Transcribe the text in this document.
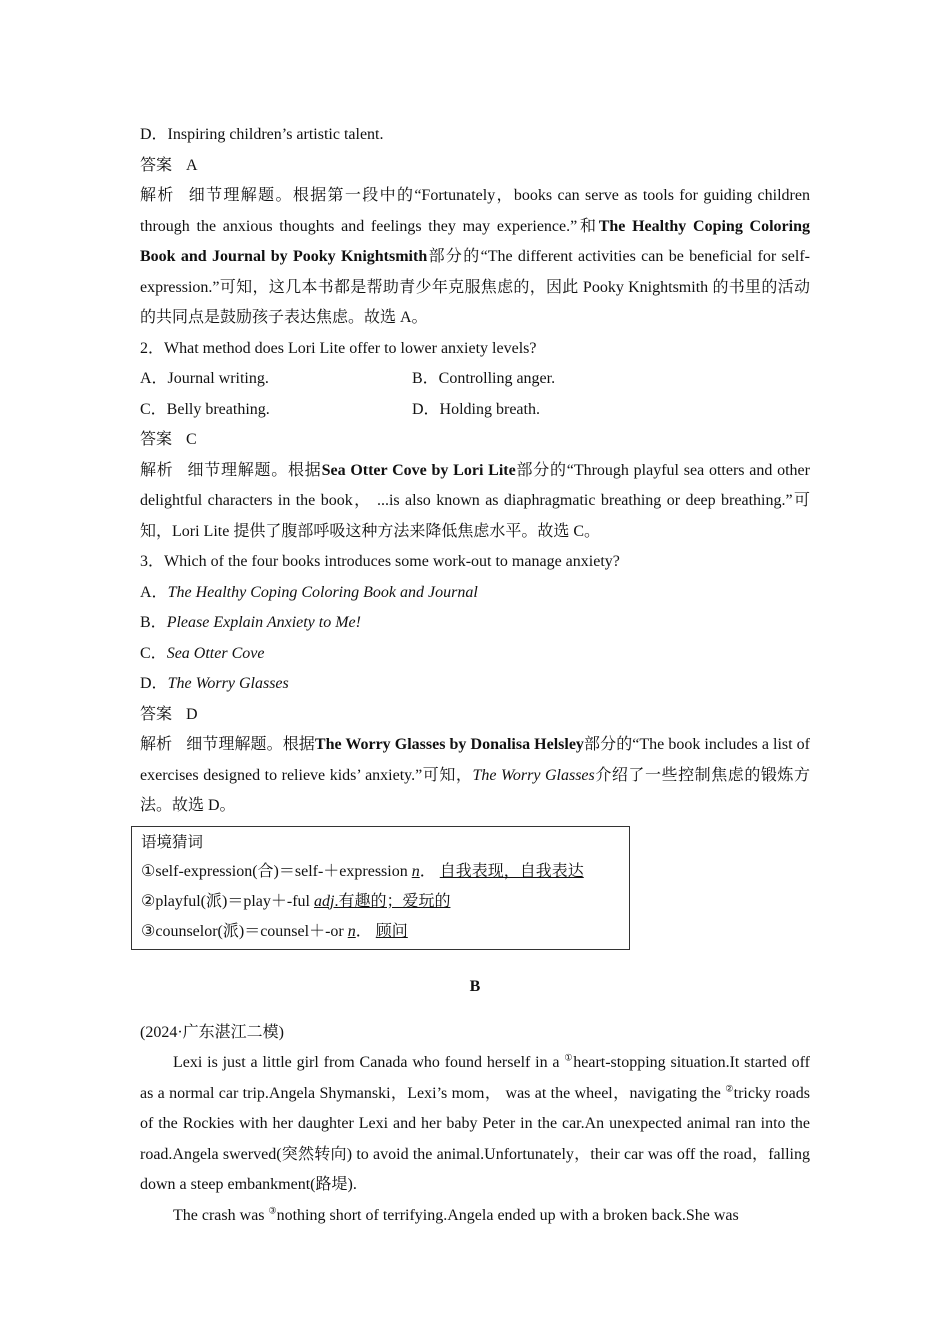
D．Inspiring children’s artistic talent.

答案 A

解析 细节理解题。根据第一段中的“Fortunately，books can serve as tools for guiding children through the anxious thoughts and feelings they may experience.”和The Healthy Coping Coloring Book and Journal by Pooky Knightsmith部分的“The different activities can be beneficial for self-expression.”可知，这几本书都是帮助青少年克服焦虑的，因此 Pooky Knightsmith 的书里的活动的共同点是鼓励孩子表达焦虑。故选 A。

2．What method does Lori Lite offer to lower anxiety levels?

A．Journal writing.	B．Controlling anger.
C．Belly breathing.	D．Holding breath.

答案 C

解析 细节理解题。根据Sea Otter Cove by Lori Lite部分的“Through playful sea otters and other delightful characters in the book， ...is also known as diaphragmatic breathing or deep breathing.”可知，Lori Lite 提供了腹部呼吸这种方法来降低焦虑水平。故选 C。

3．Which of the four books introduces some work-out to manage anxiety?

A．The Healthy Coping Coloring Book and Journal

B．Please Explain Anxiety to Me!

C．Sea Otter Cove

D．The Worry Glasses

答案 D

解析 细节理解题。根据The Worry Glasses by Donalisa Helsley部分的“The book includes a list of exercises designed to relieve kids’ anxiety.”可知，The Worry Glasses介绍了一些控制焦虑的锻炼方法。故选 D。

语境猜词

①self-expression(合)＝self-＋expression n． 自我表现，自我表达

②playful(派)＝play＋-ful adj.有趣的；爱玩的

③counselor(派)＝counsel＋-or n． 顾问

B

(2024·广东湛江二模)

Lexi is just a little girl from Canada who found herself in a ①heart-stopping situation.It started off as a normal car trip.Angela Shymanski，Lexi’s mom， was at the wheel，navigating the ②tricky roads of the Rockies with her daughter Lexi and her baby Peter in the car.An unexpected animal ran into the road.Angela swerved(突然转向) to avoid the animal.Unfortunately，their car was off the road，falling down a steep embankment(路堤).

The crash was ③nothing short of terrifying.Angela ended up with a broken back.She was
